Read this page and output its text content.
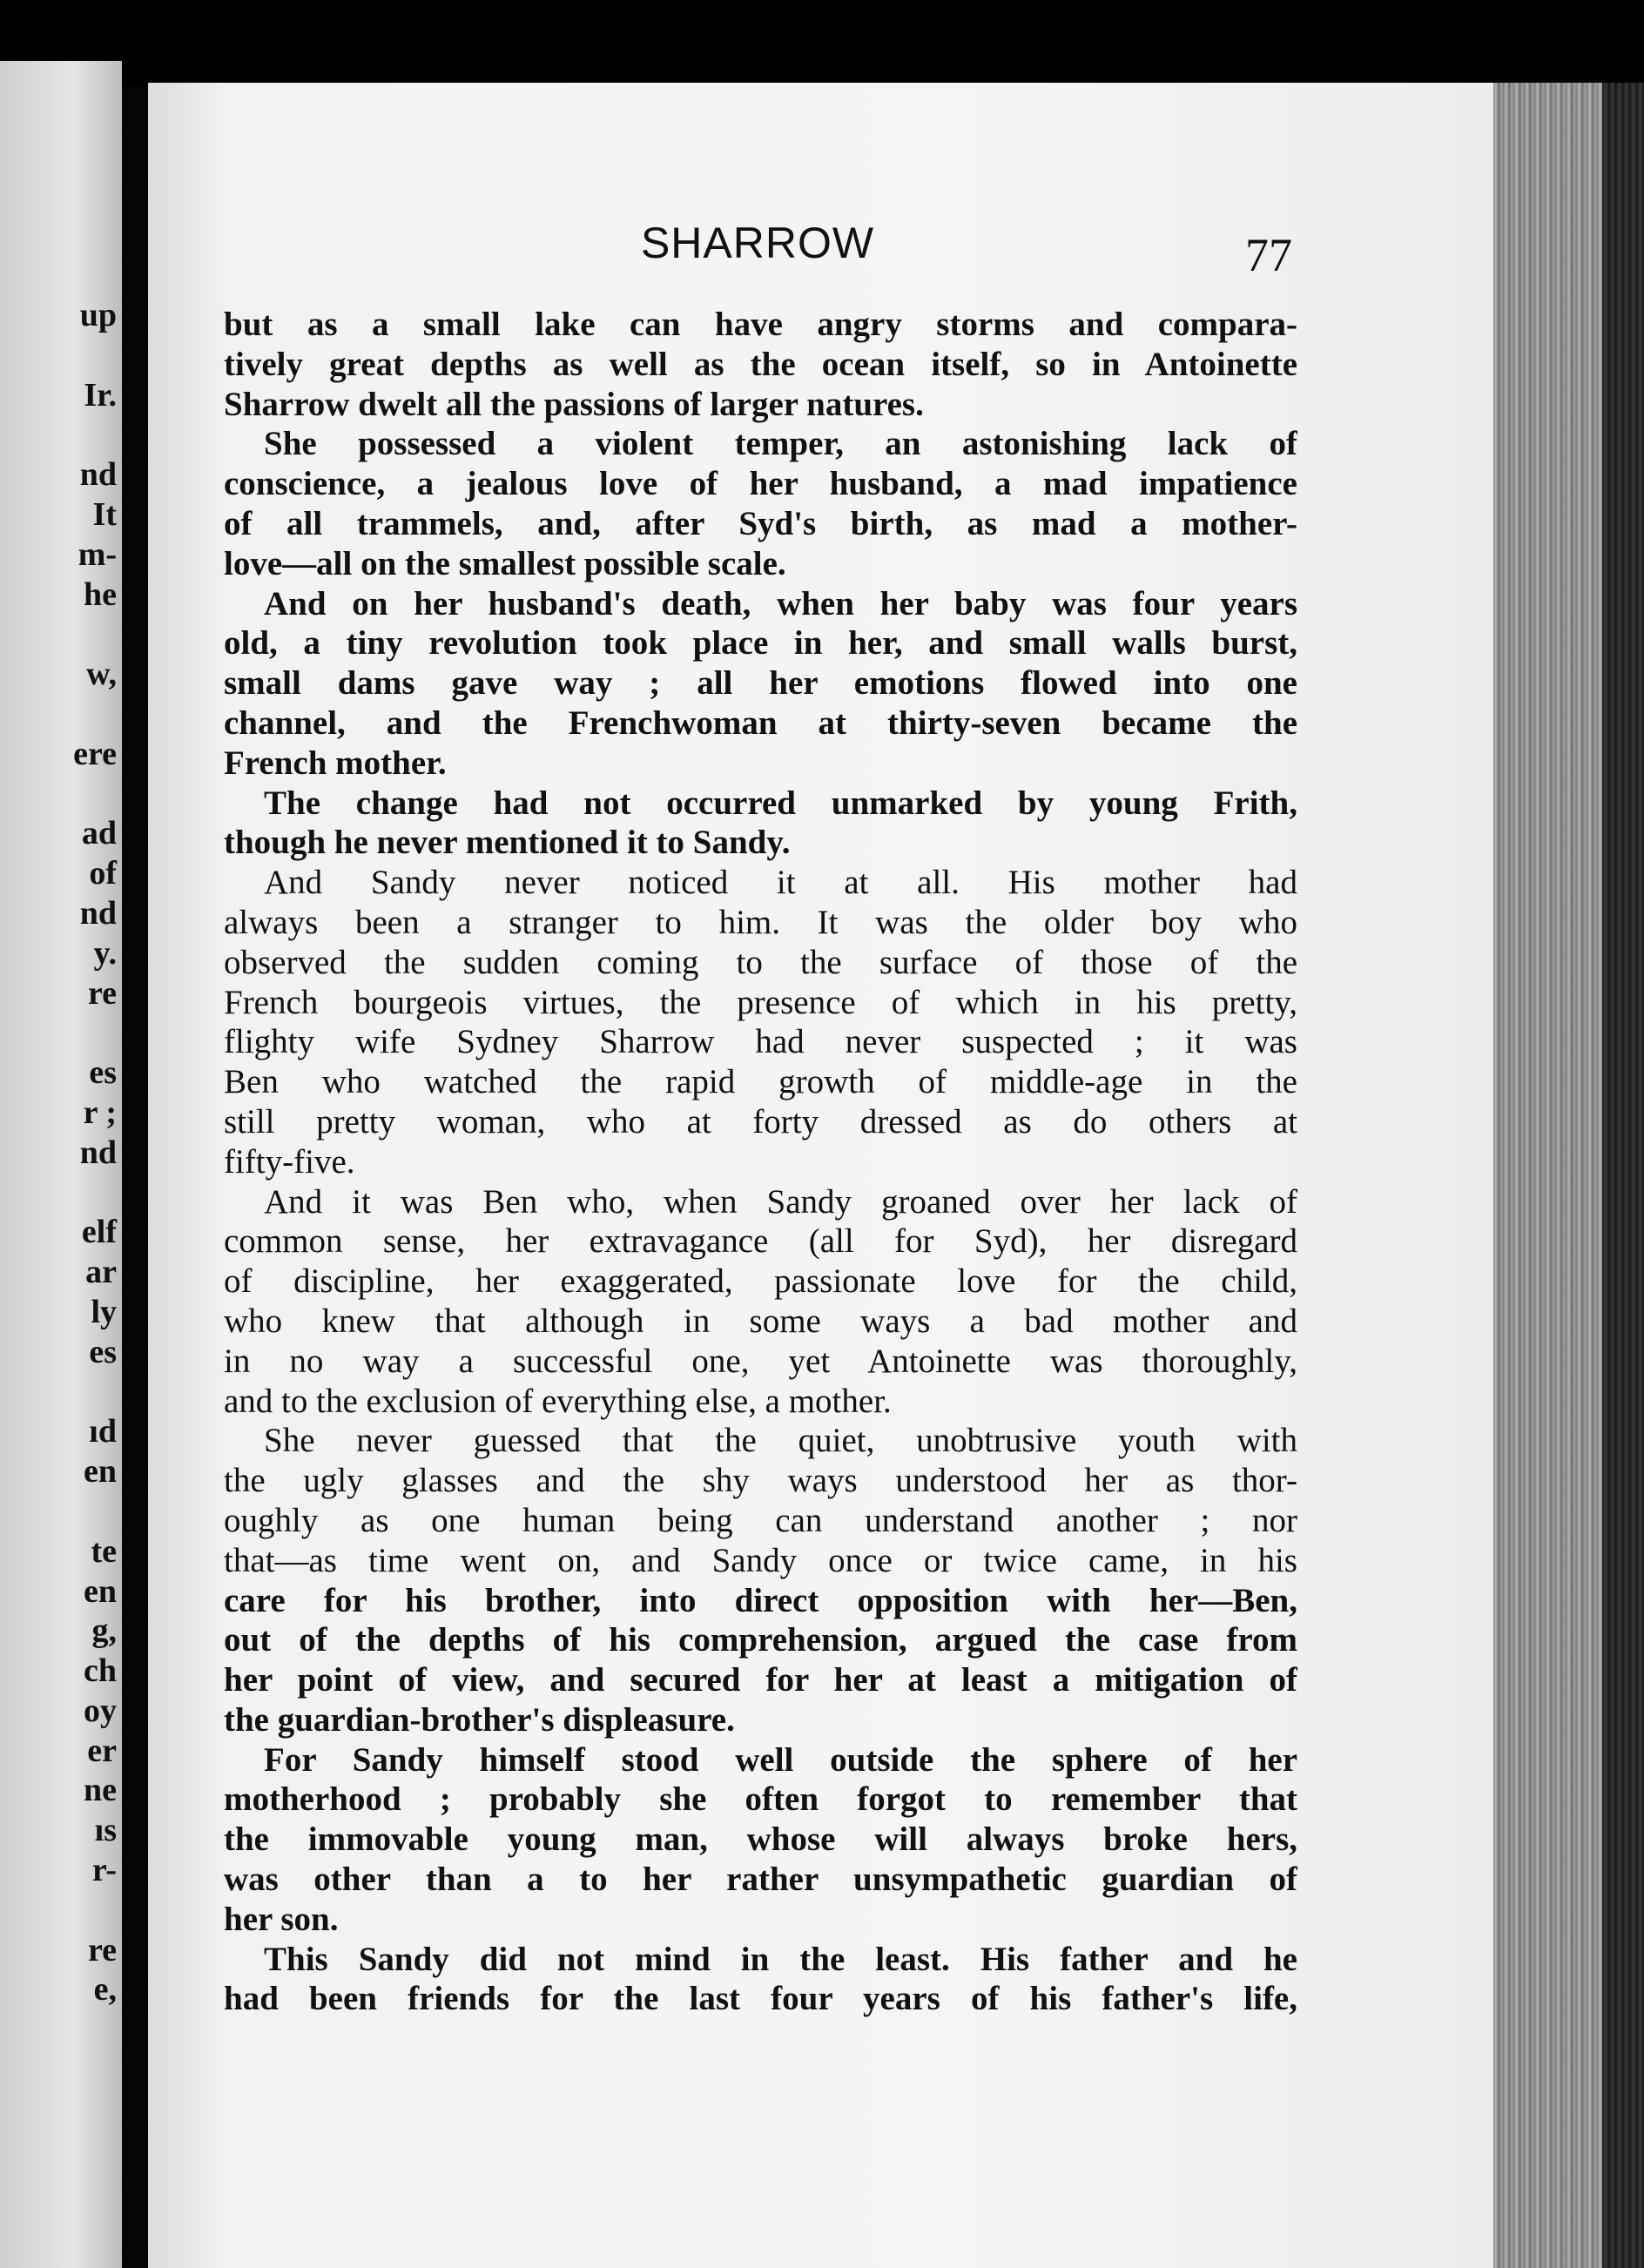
up
Ir.
nd
It
m-
he
w,
ere
ad
of
nd
y.
re
es
r ;
nd
elf
ar
ly
es
ıd
en
te
en
g,
ch
oy
er
ne
ıs
r-
re
e,
SHARROW	77
but as a small lake can have angry storms and compara-
tively great depths as well as the ocean itself, so in Antoinette
Sharrow dwelt all the passions of larger natures.
She possessed a violent temper, an astonishing lack of
conscience, a jealous love of her husband, a mad impatience
of all trammels, and, after Syd's birth, as mad a mother-
love—all on the smallest possible scale.
And on her husband's death, when her baby was four years
old, a tiny revolution took place in her, and small walls burst,
small dams gave way ; all her emotions flowed into one
channel, and the Frenchwoman at thirty-seven became the
French mother.
The change had not occurred unmarked by young Frith,
though he never mentioned it to Sandy.
And Sandy never noticed it at all. His mother had
always been a stranger to him. It was the older boy who
observed the sudden coming to the surface of those of the
French bourgeois virtues, the presence of which in his pretty,
flighty wife Sydney Sharrow had never suspected ; it was
Ben who watched the rapid growth of middle-age in the
still pretty woman, who at forty dressed as do others at
fifty-five.
And it was Ben who, when Sandy groaned over her lack of
common sense, her extravagance (all for Syd), her disregard
of discipline, her exaggerated, passionate love for the child,
who knew that although in some ways a bad mother and
in no way a successful one, yet Antoinette was thoroughly,
and to the exclusion of everything else, a mother.
She never guessed that the quiet, unobtrusive youth with
the ugly glasses and the shy ways understood her as thor-
oughly as one human being can understand another ; nor
that—as time went on, and Sandy once or twice came, in his
care for his brother, into direct opposition with her—Ben,
out of the depths of his comprehension, argued the case from
her point of view, and secured for her at least a mitigation of
the guardian-brother's displeasure.
For Sandy himself stood well outside the sphere of her
motherhood ; probably she often forgot to remember that
the immovable young man, whose will always broke hers,
was other than a to her rather unsympathetic guardian of
her son.
This Sandy did not mind in the least. His father and he
had been friends for the last four years of his father's life,
